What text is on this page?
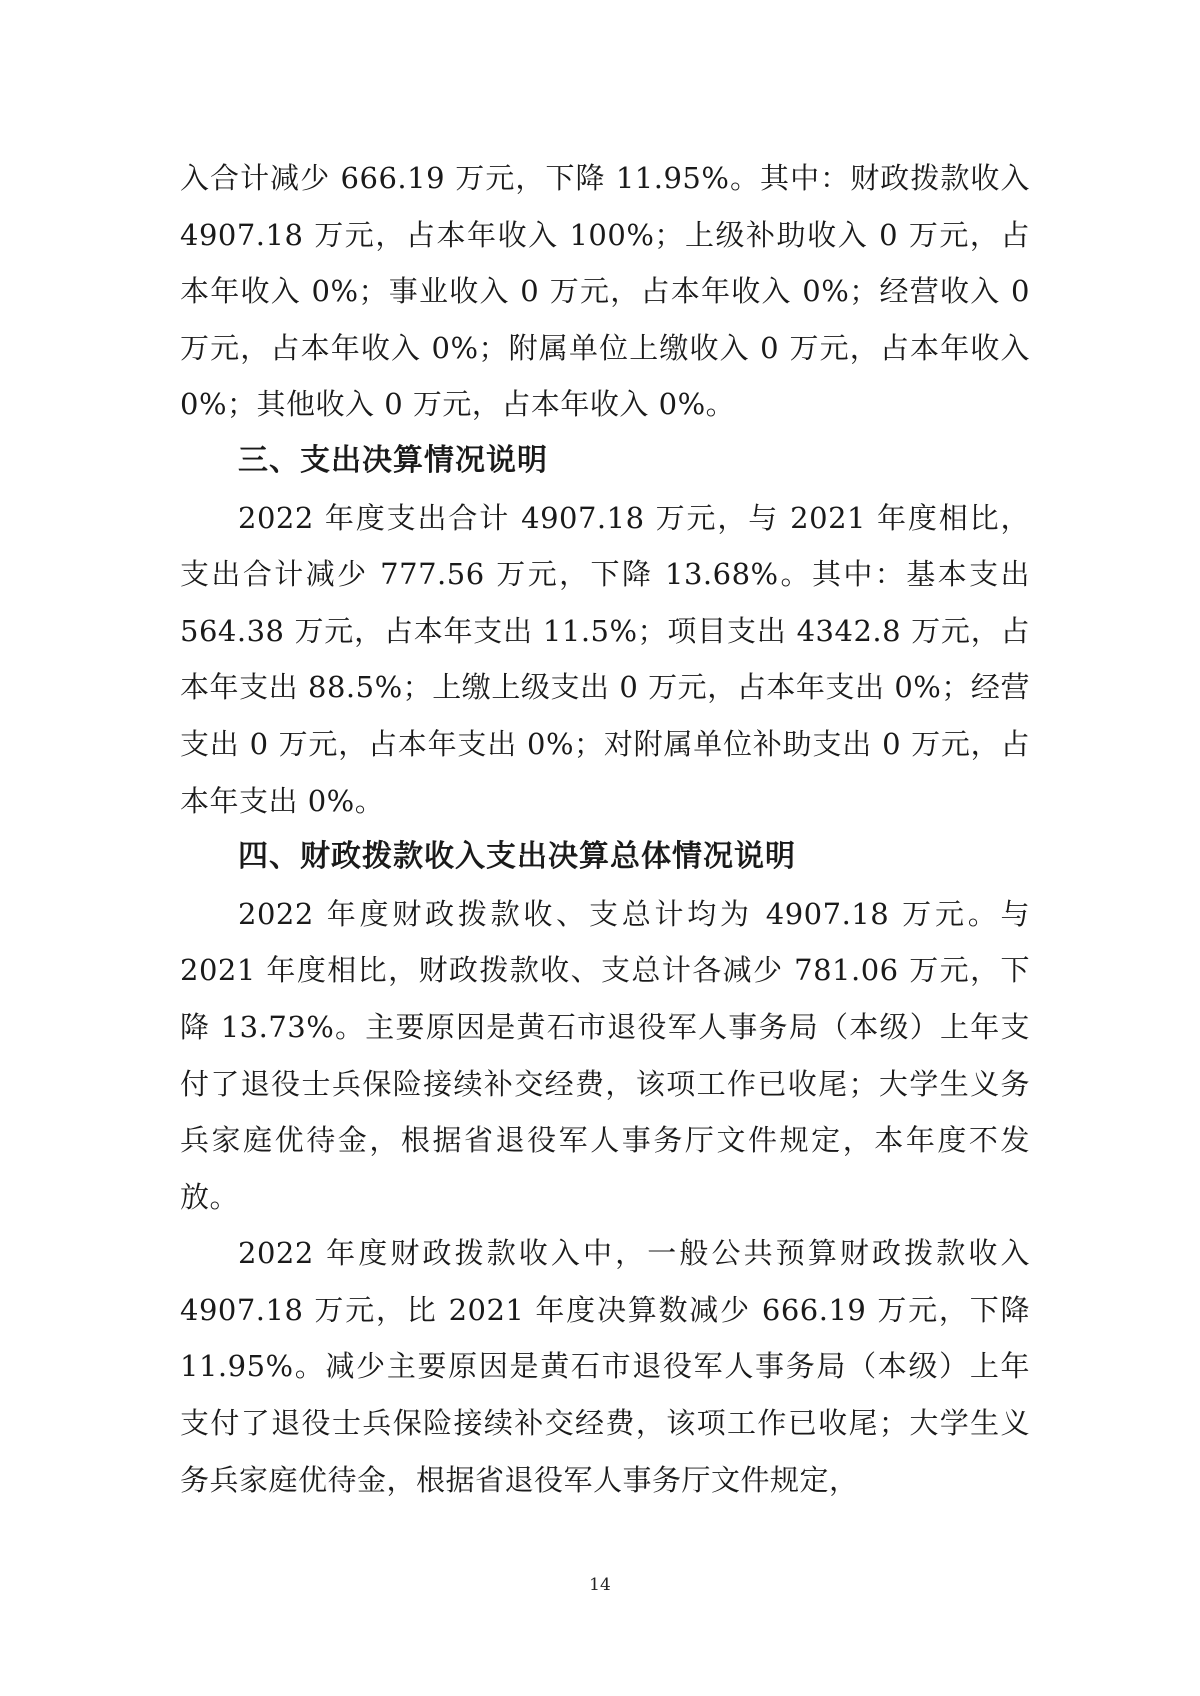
入合计减少 666.19 万元，下降 11.95%。其中：财政拨款收入 4907.18 万元，占本年收入 100%；上级补助收入 0 万元，占本年收入 0%；事业收入 0 万元，占本年收入 0%；经营收入 0 万元，占本年收入 0%；附属单位上缴收入 0 万元，占本年收入 0%；其他收入 0 万元，占本年收入 0%。

三、支出决算情况说明

2022 年度支出合计 4907.18 万元，与 2021 年度相比，支出合计减少 777.56 万元，下降 13.68%。其中：基本支出 564.38 万元，占本年支出 11.5%；项目支出 4342.8 万元，占本年支出 88.5%；上缴上级支出 0 万元，占本年支出 0%；经营支出 0 万元，占本年支出 0%；对附属单位补助支出 0 万元，占本年支出 0%。

四、财政拨款收入支出决算总体情况说明

2022 年度财政拨款收、支总计均为 4907.18 万元。与 2021 年度相比，财政拨款收、支总计各减少 781.06 万元，下降 13.73%。主要原因是黄石市退役军人事务局（本级）上年支付了退役士兵保险接续补交经费，该项工作已收尾；大学生义务兵家庭优待金，根据省退役军人事务厅文件规定，本年度不发放。

2022 年度财政拨款收入中，一般公共预算财政拨款收入 4907.18 万元，比 2021 年度决算数减少 666.19 万元，下降 11.95%。减少主要原因是黄石市退役军人事务局（本级）上年支付了退役士兵保险接续补交经费，该项工作已收尾；大学生义务兵家庭优待金，根据省退役军人事务厅文件规定，

14
